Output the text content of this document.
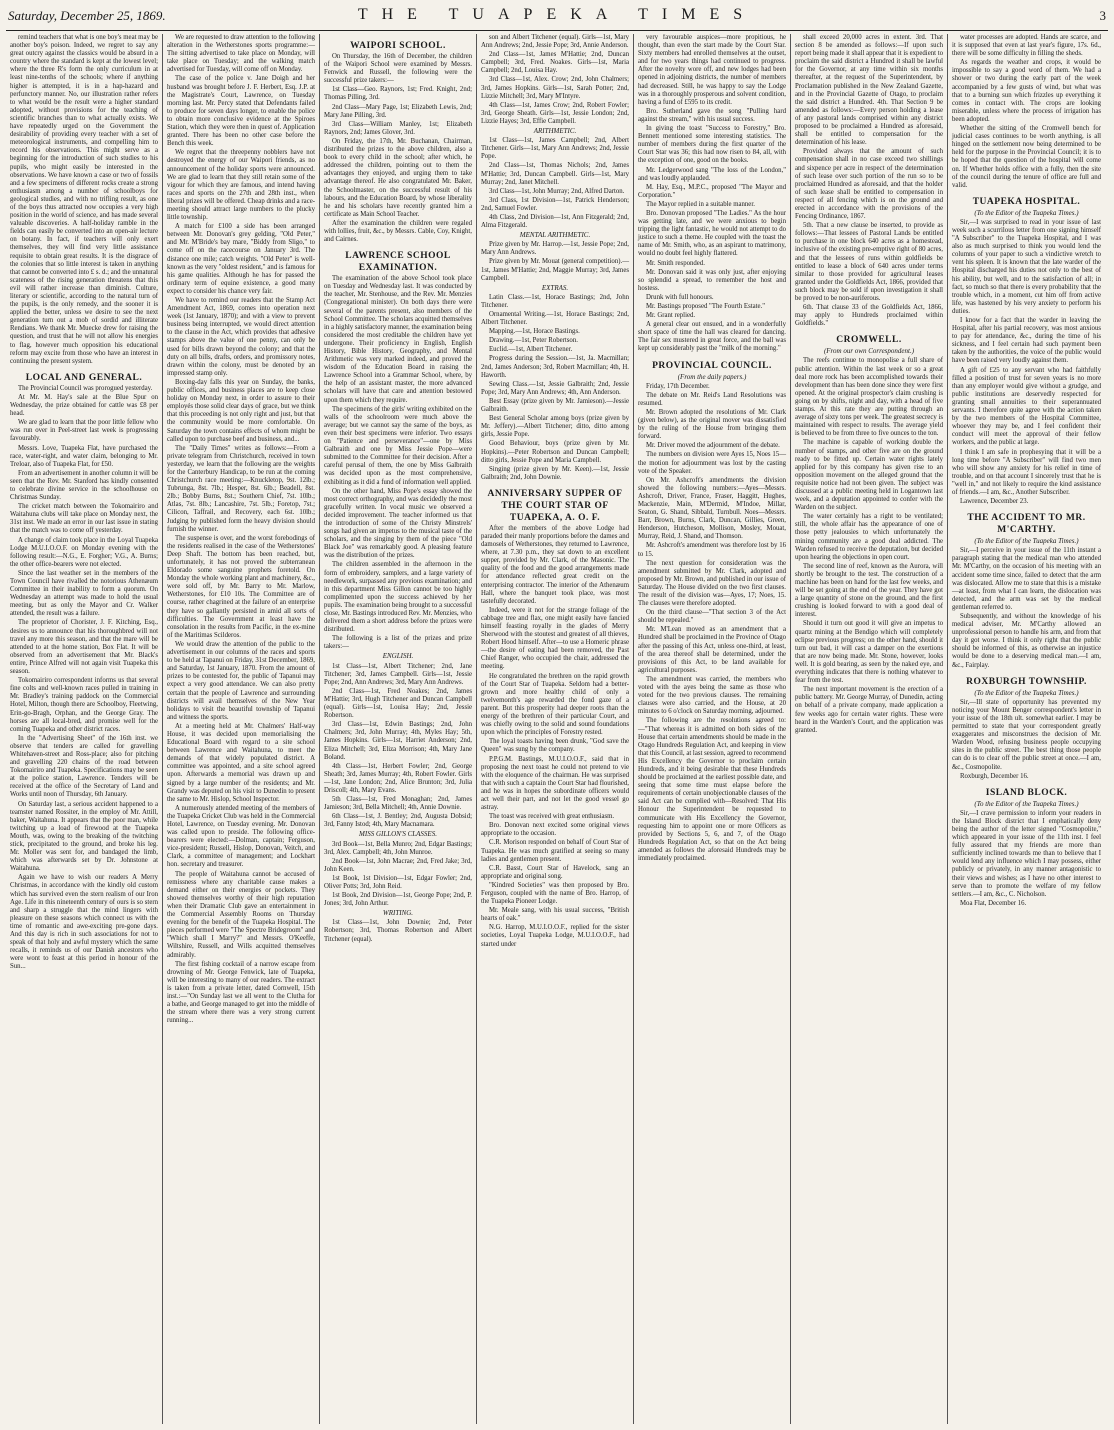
Saturday, December 25, 1869.	THE TUAPEKA TIMES	3

remind teachers that what is one boy's meat may be another boy's poison. Indeed, we regret to say any great outcry against the classics would be absurd in a country where the standard is kept at the lowest level; where the three R's form the only curriculum in at least nine-tenths of the schools; where if anything higher is attempted, it is in a hap-hazard and perfunctory manner. No, our illustration rather refers to what would be the result were a higher standard adopted, without provisions for the teaching of scientific branches than to what actually exists. We have repeatedly urged on the Government the desirability of providing every teacher with a set of meteorological instruments, and compelling him to record his observations. This might serve as a beginning for the introduction of such studies to his pupils, who might easily be interested in the observations. We have known a case or two of fossils and a few specimens of different rocks create a strong enthusiasm among a number of schoolboys for geological studies, and with no trifling result, as one of the boys thus attracted now occupies a very high position in the world of science, and has made several valuable discoveries. A half-holiday ramble in the fields can easily be converted into an open-air lecture on botany. In fact, if teachers will only exert themselves, they will find very little assistance requisite to obtain great results. It is the disgrace of the colonies that so little interest is taken in anything that cannot be converted into £ s. d.; and the unnatural scateness of the rising generation threatens that this evil will rather increase than diminish. Culture, literary or scientific, according to the natural turn of the pupils, is the only remedy, and the sooner it is applied the better, unless we desire to see the next generation turn out a mob of sordid and illiterate Rendians. We thank Mr. Muecke drew for raising the question, and trust that he will not allow his energies to flag, however much opposition his educational reform may excite from those who have an interest in continuing the present system.

LOCAL AND GENERAL.

The Provincial Council was prorogued yesterday.

At Mr. M. Hay's sale at the Blue Spur on Wednesday, the prize obtained for cattle was £8 per head.

We are glad to learn that the poor little fellow who was run over in Peel-street last week is progressing favourably.

Messrs. Love, Tuapeka Flat, have purchased the race, water-right, and water claim, belonging to Mr. Treloar, also of Tuapeka Flat, for £50.

From an advertisement in another column it will be seen that the Rev. Mr. Stanford has kindly consented to celebrate divine service in the schoolhouse on Christmas Sunday.

The cricket match between the Tokomairiro and Waitahuna clubs will take place on Monday next, the 31st inst. We made an error in our last issue in stating that the match was to come off yesterday.

A change of claim took place in the Loyal Tuapeka Lodge M.U.I.O.O.F. on Monday evening with the following result:—N.G., E. Forgher; V.G., A. Burns; the other office-bearers were not elected.

Since the last weather set in the members of the Town Council have rivalled the notorious Athenæum Committee in their inability to form a quorum. On Wednesday an attempt was made to hold the usual meeting, but as only the Mayor and Cr. Walker attended, the result was a failure.

The proprietor of Chorister, J. F. Kitching, Esq., desires us to announce that his thoroughbred will not travel any more this season, and that the mare will be attended to at the home station, Box Flat. It will be observed from an advertisement that Mr. Black's entire, Prince Alfred will not again visit Tuapeka this season.

Tokomairiro correspondent informs us that several fine colts and well-known races pulled in training in Mr. Bradley's training paddock on the Commercial Hotel, Milton, though there are Schoolboy, Fleetwing, Erin-go-Bragh, Orphan, and the George Gray. The horses are all local-bred, and promise well for the coming Tuapeka and other district races.

In the "Advertising Sheet" of the 16th inst. we observe that tenders are called for gravelling Whitehaven-street and Ross-place; also for pitching and gravelling 220 chains of the road between Tokomairiro and Tuapeka. Specifications may be seen at the police station, Lawrence. Tenders will be received at the office of the Secretary of Land and Works until noon of Thursday, 6th January.

On Saturday last, a serious accident happened to a teamster named Rossiter, in the employ of Mr. Attill, baker, Waitahuna. It appears that the poor man, while twitching up a load of firewood at the Tuapeka Mouth, was, owing to the breaking of the twitching stick, precipitated to the ground, and broke his leg. Mr. Moller was sent for, and bandaged the limb, which was afterwards set by Dr. Johnstone at Waitahuna.

Again we have to wish our readers A Merry Christmas, in accordance with the kindly old custom which has survived even the stern realism of our Iron Age. Life in this nineteenth century of ours is so stern and sharp a struggle that the mind lingers with pleasure on these seasons which connect us with the time of romantic and awe-exciting pre-gone days. And this day is rich in such associations for not to speak of that holy and awful mystery which the same recalls, it reminds us of our Danish ancestors who were wont to feast at this period in honour of the Sun...

We are requested to draw attention to the following alteration in the Wetherstones sports programme:—The sitting advertised to take place on Monday, will take place on Tuesday; and the walking match advertised for Tuesday, will come off on Monday.

The case of the police v. Jane Doigh and her husband was brought before J. F. Herbert, Esq. J.P. at the Magistrate's Court, Lawrence, on Tuesday morning last. Mr. Percy stated that Defendants failed to produce for seven days longer, to enable the police to obtain more conclusive evidence at the Spiroes Station, which they were then in quest of. Application granted. There has been no other case before the Bench this week.

We regret that the threepenny nobblers have not destroyed the energy of our Waipori friends, as no announcement of the holiday sports were announced. We are glad to learn that they still retain some of the vigour for which they are famous, and intend having races and sports on the 27th and 28th inst., when liberal prizes will be offered. Cheap drinks and a race-meeting should attract large numbers to the plucky little township.

A match for £100 a side has been arranged between Mr. Donovan's grey gelding, "Old Peter," and Mr. M'Bride's bay mare, "Biddy from Sligo," to come off on the racecourse on January 3rd. The distance one mile; catch weights. "Old Peter" is well-known as the very "oldest resident," and is famous for his game qualities. Although he has for passed the ordinary term of equine existence, a good many expect to consider his chance very fair.

We have to remind our readers that the Stamp Act Amendment Act, 1869, comes into operation next week (1st January, 1870); and with a view to prevent business being interrupted, we would direct attention to the clause in the Act, which provides that adhesive stamps above the value of one penny, can only be used for bills drawn beyond the colony; and that the duty on all bills, drafts, orders, and promissory notes, drawn within the colony, must be denoted by an impressed stamp only.

Boxing-day falls this year on Sunday, the banks, public offices, and business places are to keep close holiday on Monday next, in order to assure to their employés those solid clear days of grace, but we think that this proceeding is not only right and just, but that the community would be more comfortable. On Saturday the town contains effects of whom might be called upon to purchase beef and business, and...

The "Daily Times" writes as follows:—From a private telegram from Christchurch, received in town yesterday, we learn that the following are the weights for the Canterbury Handicap, to be run at the coming Christchurch race meeting:—Knuckletop, 9st. 12lb.; Tubrunga, 8st. 7lb.; Hesper, 8st. 6lb.; Beadell, 8st. 2lb.; Bobby Burns, 8st.; Southern Chief, 7st. 10lb.; Atlas, 7st. 8lb.; Lancashire, 7st. 5lb.; Foretop, 7st.; Cilicon, Taffrail, and Recovery, each 6st. 10lb.; Judging by published form the heavy division should furnish the winner.

The suspense is over, and the worst forebodings of the residents realised in the case of the Wetherstones' Deep Shaft. The bottom has been reached, but, unfortunately, it has not proved the subterranean Eldorado some sanguine prophets foretold. On Monday the whole working plant and machinery, &c., were sold off, by Mr. Barry to Mr. Marlow, Wetherstones, for £10 10s. The Committee are of course, rather chagrined at the failure of an enterprise they have so gallantly persisted in amid all sorts of difficulties. The Government at least have the consolation in the results from Pacific, in the ex-mine of the Maritimas Scilderos.

We would draw the attention of the public to the advertisement in our columns of the races and sports to be held at Tapanui on Friday, 31st December, 1869, and Saturday, 1st January, 1870. From the amount of prizes to be contested for, the public of Tapanui may expect a very good attendance. We can also pretty certain that the people of Lawrence and surrounding districts will avail themselves of the New Year holidays to visit the beautiful township of Tapanui and witness the sports.

At a meeting held at Mr. Chalmers' Half-way House, it was decided upon memorialising the Educational Board with regard to a site school between Lawrence and Waitahuna, to meet the demands of that widely populated district. A committee was appointed, and a site school agreed upon. Afterwards a memorial was drawn up and signed by a large number of the residents; and Mr. Grandy was deputed on his visit to Dunedin to present the same to Mr. Hislop, School Inspector.

A numerously attended meeting of the members of the Tuapeka Cricket Club was held in the Commercial Hotel, Lawrence, on Tuesday evening. Mr. Donovan was called upon to preside. The following office-bearers were elected:—Dolman, captain; Ferguson, vice-president; Russell, Hislop, Donovan, Veitch, and Clark, a committee of management; and Lockhart hon. secretary and treasurer.

The people of Waitahuna cannot be accused of remissness where any charitable cause makes a demand either on their energies or pockets. They showed themselves worthy of their high reputation when their Dramatic Club gave an entertainment in the Commercial Assembly Rooms on Thursday evening for the benefit of the Tuapeka Hospital. The pieces performed were "The Spectre Bridegroom" and "Which shall I Marry?" and Messrs. O'Keeffe, Wiltshire, Russell, and Wills acquitted themselves admirably.

The first fishing cocktail of a narrow escape from drowning of Mr. George Fenwick, late of Tuapeka, will be interesting to many of our readers. The extract is taken from a private letter, dated Cornwell, 15th inst.:—"On Sunday last we all went to the Clutha for a bathe, and George managed to get into the middle of the stream where there was a very strong current running...

WAIPORI SCHOOL.

On Thursday, the 16th of December, the children of the Waipori School were examined by Messrs. Fenwick and Russell, the following were the successful prize takers:—

1st Class—Geo. Raynors, 1st; Fred. Knight, 2nd; Thomas Pilling, 3rd.

2nd Class—Mary Page, 1st; Elizabeth Lewis, 2nd; Mary Jane Pilling, 3rd.

3rd Class—William Manley, 1st; Elizabeth Raynors, 2nd; James Glover, 3rd.

On Friday, the 17th, Mr. Buchanan, Chairman, distributed the prizes to the above children, also a book to every child in the school; after which, he addressed the children, pointing out to them the advantages they enjoyed, and urging them to take advantage thereof. He also congratulated Mr. Baker, the Schoolmaster, on the successful result of his labours, and the Education Board, by whose liberality he and his scholars have recently granted him a certificate as Main School Teacher.

After the examination the children were regaled with lollies, fruit, &c., by Messrs. Cable, Coy, Knight, and Cairnes.

LAWRENCE SCHOOL EXAMINATION.

The examination of the above School took place on Tuesday and Wednesday last. It was conducted by the teacher, Mr. Stenhouse, and the Rev. Mr. Menzies (Congregational minister). On both days there were several of the parents present, also members of the School Committee. The scholars acquitted themselves in a highly satisfactory manner, the examination being considered the most creditable the children have yet undergone. Their proficiency in English, English History, Bible History, Geography, and Mental Arithmetic was very marked indeed, and proved the wisdom of the Education Board in raising the Lawrence School into a Grammar School, where, by the help of an assistant master, the more advanced scholars will have that care and attention bestowed upon them which they require.

The specimens of the girls' writing exhibited on the walls of the schoolroom were much above the average; but we cannot say the same of the boys, as even their best specimens were inferior. Two essays on "Patience and perseverance"—one by Miss Galbraith and one by Miss Jessie Pope—were submitted to the Committee for their decision. After a careful perusal of them, the one by Miss Galbraith was decided upon as the most comprehensive, exhibiting as it did a fund of information well applied.

On the other hand, Miss Pope's essay showed the most correct orthography, and was decidedly the most gracefully written. In vocal music we observed a decided improvement. The teacher informed us that the introduction of some of the Christy Minstrels' songs had given an impetus to the musical taste of the scholars, and the singing by them of the piece "Old Black Joe" was remarkably good. A pleasing feature was the distribution of the prizes.

The children assembled in the afternoon in the form of embroidery, samplers, and a large variety of needlework, surpassed any previous examination; and in this department Miss Gillon cannot be too highly complimented upon the success achieved by her pupils. The examination being brought to a successful close, Mr. Bastings introduced Rev. Mr. Menzies, who delivered them a short address before the prizes were distributed.

The following is a list of the prizes and prize takers:—

ENGLISH.

1st Class—1st, Albert Titchener; 2nd, Jane Titchener; 3rd, James Campbell. Girls—1st, Jessie Pope; 2nd, Ann Andrews; 3rd, Mary Ann Andrews.

2nd Class—1st, Fred Noakes; 2nd, James M'Hattie; 3rd, Hugh Titchener and Duncan Campbell (equal). Girls—1st, Louisa Hay; 2nd, Jessie Robertson.

3rd Class—1st, Edwin Bastings; 2nd, John Chalmers; 3rd, John Murray; 4th, Myles Hay; 5th, James Hopkins. Girls—1st, Harriet Anderson; 2nd, Eliza Mitchell; 3rd, Eliza Morrison; 4th, Mary Jane Boland.

4th Class—1st, Herbert Fowler; 2nd, George Sheath; 3rd, James Murray; 4th, Robert Fowler. Girls—1st, Jane London; 2nd, Alice Brunton; 3rd, Julia Driscoll; 4th, Mary Evans.

5th Class—1st, Fred Monaghan; 2nd, James Jamieson; 3rd, Bella Mitchell; 4th, Annie Downie.

6th Class—1st, J. Bentley; 2nd, Augusta Dobsid; 3rd, Fanny Istod; 4th, Mary Macnamara.

MISS GILLON'S CLASSES.

3rd Book—1st, Bella Munro; 2nd, Edgar Bastings; 3rd, Alex. Campbell; 4th, John Munroe.

2nd Book—1st, John Macrae; 2nd, Fred Jake; 3rd, John Keen.

1st Book, 1st Division—1st, Edgar Fowler; 2nd, Oliver Potts; 3rd, John Reid.

1st Book, 2nd Division—1st, George Pope; 2nd, P. Jones; 3rd, John Arthur.

WRITING.

1st Class—1st, John Downie; 2nd, Peter Robertson; 3rd, Thomas Robertson and Albert Titchener (equal).

son and Albert Titchener (equal). Girls—1st, Mary Ann Andrews; 2nd, Jessie Pope; 3rd, Annie Anderson.

2nd Class—1st, James M'Hattie; 2nd, Duncan Campbell; 3rd, Fred. Noakes. Girls—1st, Maria Campbell; 2nd, Louisa Hay.

3rd Class—1st, Alex. Crow; 2nd, John Chalmers; 3rd, James Hopkins. Girls—1st, Sarah Potter; 2nd, Lizzie Mitchell; 3rd, Mary M'Intyre.

4th Class—1st, James Crow; 2nd, Robert Fowler; 3rd, George Sheath. Girls—1st, Jessie London; 2nd, Lizzie Hayes; 3rd, Effie Campbell.

ARITHMETIC.

1st Class—1st, James Campbell; 2nd, Albert Titchener. Girls—1st, Mary Ann Andrews; 2nd, Jessie Pope.

2nd Class—1st, Thomas Nichols; 2nd, James M'Hattie; 3rd, Duncan Campbell. Girls—1st, Mary Murray; 2nd, Janet Mitchell.

3rd Class—1st, John Murray; 2nd, Alfred Darton.

3rd Class, 1st Division—1st, Patrick Henderson; 2nd, Samuel Fowler.

4th Class, 2nd Division—1st, Ann Fitzgerald; 2nd, Alma Fitzgerald.

MENTAL ARITHMETIC.

Prize given by Mr. Harrop.—1st, Jessie Pope; 2nd, Mary Ann Andrews.

Prize given by Mr. Mouat (general competition).—1st, James M'Hattie; 2nd, Maggie Murray; 3rd, James Campbell.

EXTRAS.

Latin Class.—1st, Horace Bastings; 2nd, John Titchener.

Ornamental Writing.—1st, Horace Bastings; 2nd, Albert Titchener.

Mapping.—1st, Horace Bastings.

Drawing.—1st, Peter Robertson.

Euclid.—1st, Albert Titchener.

Progress during the Session.—1st, Ja. Macmillan; 2nd, James Anderson; 3rd, Robert Macmillan; 4th, H. Haworth.

Sewing Class.—1st, Jessie Galbraith; 2nd, Jessie Pope; 3rd, Mary Ann Andrews; 4th, Ann Anderson.

Best Essay (prize given by Mr. Jamieson).—Jessie Galbraith.

Best General Scholar among boys (prize given by Mr. Jeffery).—Albert Titchener; ditto, ditto among girls, Jessie Pope.

Good Behaviour, boys (prize given by Mr. Hopkins).—Peter Robertson and Duncan Campbell; ditto girls, Jessie Pope and Maria Campbell.

Singing (prize given by Mr. Keen).—1st, Jessie Galbraith; 2nd, John Downie.

ANNIVERSARY SUPPER OF THE COURT STAR OF TUAPEKA, A. O. F.

After the members of the above Lodge had paraded their manly proportions before the dames and damosels of Wetherstones, they returned to Lawrence, where, at 7.30 p.m., they sat down to an excellent supper, provided by Mr. Clark, of the Masonic. The quality of the food and the good arrangements made for attendance reflected great credit on the enterprising contractor. The interior of the Athenæum Hall, where the banquet took place, was most tastefully decorated.

Indeed, were it not for the strange foliage of the cabbage tree and flax, one might easily have fancied himself feasting royally in the glades of Merry Sherwood with the stoutest and greatest of all thieves, Robert Hood himself. After—to use a Homeric phrase—the desire of eating had been removed, the Past Chief Ranger, who occupied the chair, addressed the meeting.

He congratulated the brethren on the rapid growth of the Court Star of Tuapeka. Seldom had a better-grown and more healthy child of only a twelvemonth's age rewarded the fond gaze of a parent. But this prosperity had deeper roots than the energy of the brethren of their particular Court, and was chiefly owing to the solid and sound foundations upon which the principles of Forestry rested.

The loyal toasts having been drunk, "God save the Queen" was sung by the company.

P.P.G.M. Bastings, M.U.I.O.O.F., said that in proposing the next toast he could not pretend to vie with the eloquence of the chairman. He was surprised that with such a captain the Court Star had flourished, and he was in hopes the subordinate officers would act well their part, and not let the good vessel go astray.

The toast was received with great enthusiasm.

Bro. Donovan next excited some original views appropriate to the occasion.

C.R. Morison responded on behalf of Court Star of Tuapeka. He was much gratified at seeing so many ladies and gentlemen present.

C.R. Basst, Court Star of Havelock, sang an appropriate and original song.

"Kindred Societies" was then proposed by Bro. Ferguson, coupled with the name of Bro. Harrop, of the Tuapeka Pioneer Lodge.

Mr. Meale sang, with his usual success, "British hearts of oak."

N.G. Harrop, M.U.I.O.O.F., replied for the sister societies, Loyal Tuapeka Lodge, M.U.I.O.O.F., had started under

very favourable auspices—more propitious, he thought, than even the start made by the Court Star. Sixty members had enrolled themselves at the outset, and for two years things had continued to progress. After the novelty wore off, and new lodges had been opened in adjoining districts, the number of members had decreased. Still, he was happy to say the Lodge was in a thoroughly prosperous and solvent condition, having a fund of £595 to its credit.

Bro. Sutherland gave the song "Pulling hard against the stream," with his usual success.

In giving the toast "Success to Forestry," Bro. Bennett mentioned some interesting statistics. The number of members during the first quarter of the Court Star was 36; this had now risen to 84, all, with the exception of one, good on the books.

Mr. Ledgerwood sang "The loss of the London," and was loudly applauded.

M. Hay, Esq., M.P.C., proposed "The Mayor and Corporation."

The Mayor replied in a suitable manner.

Bro. Donovan proposed "The Ladies." As the hour was getting late, and we were anxious to begin tripping the light fantastic, he would not attempt to do justice to such a theme. He coupled with the toast the name of Mr. Smith, who, as an aspirant to matrimony, would no doubt feel highly flattered.

Mr. Smith responded.

Mr. Donovan said it was only just, after enjoying so splendid a spread, to remember the host and hostess.

Drunk with full honours.

Mr. Bastings proposed "The Fourth Estate."

Mr. Grant replied.

A general clear out ensued, and in a wonderfully short space of time the hall was cleared for dancing. The fair sex mustered in great force, and the ball was kept up considerably past the "milk of the morning."

PROVINCIAL COUNCIL.

(From the daily papers.)

Friday, 17th December.

The debate on Mr. Reid's Land Resolutions was resumed.

Mr. Brown adopted the resolutions of Mr. Clark (given below), as the original mover was dissatisfied by the ruling of the House from bringing them forward.

Mr. Driver moved the adjournment of the debate.

The numbers on division were Ayes 15, Noes 15—the motion for adjournment was lost by the casting vote of the Speaker.

On Mr. Ashcroft's amendments the division showed the following numbers:—Ayes—Messrs. Ashcroft, Driver, France, Fraser, Haggitt, Hughes, Mackenzie, Main, M'Dermid, M'Indoe, Millar, Seaton, G. Shand, Sibbald, Turnbull. Noes—Messrs. Barr, Brown, Burns, Clark, Duncan, Gillies, Green, Henderson, Hutcheson, Mollison, Mosley, Mouat, Murray, Reid, J. Shand, and Thomson.

Mr. Ashcroft's amendment was therefore lost by 16 to 15.

The next question for consideration was the amendment submitted by Mr. Clark, adopted and proposed by Mr. Brown, and published in our issue of Saturday. The House divided on the two first clauses. The result of the division was—Ayes, 17; Noes, 15. The clauses were therefore adopted.

On the third clause—"That section 3 of the Act should be repealed."

Mr. M'Lean moved as an amendment that a Hundred shall be proclaimed in the Province of Otago after the passing of this Act, unless one-third, at least, of the area thereof shall be determined, under the provisions of this Act, to be land available for agricultural purposes.

The amendment was carried, the members who voted with the ayes being the same as those who voted for the two previous clauses. The remaining clauses were also carried, and the House, at 20 minutes to 6 o'clock on Saturday morning, adjourned.

The following are the resolutions agreed to:—"That whereas it is admitted on both sides of the House that certain amendments should be made in the Otago Hundreds Regulation Act, and keeping in view that this Council, at last session, agreed to recommend His Excellency the Governor to proclaim certain Hundreds, and it being desirable that these Hundreds should be proclaimed at the earliest possible date, and seeing that some time must elapse before the requirements of certain unobjectionable clauses of the said Act can be complied with—Resolved: That His Honour the Superintendent be requested to communicate with His Excellency the Governor, requesting him to appoint one or more Officers as provided by Sections 5, 6, and 7, of the Otago Hundreds Regulation Act, so that on the Act being amended as follows the aforesaid Hundreds may be immediately proclaimed.

shall exceed 20,000 acres in extent. 3rd. That section 8 be amended as follows:—If upon such report being made it shall appear that it is expedient to proclaim the said district a Hundred it shall be lawful for the Governor, at any time within six months thereafter, at the request of the Superintendent, by Proclamation published in the New Zealand Gazette, and in the Provincial Gazette of Otago, to proclaim the said district a Hundred. 4th. That Section 9 be amended as follows:—Every person holding a lease of any pastoral lands comprised within any district proposed to be proclaimed a Hundred as aforesaid, shall be entitled to compensation for the determination of his lease.

Provided always that the amount of such compensation shall in no case exceed two shillings and sixpence per acre in respect of the determination of such lease over such portion of the run so to be proclaimed Hundred as aforesaid, and that the holder of such lease shall be entitled to compensation in respect of all fencing which is on the ground and erected in accordance with the provisions of the Fencing Ordinance, 1867.

5th. That a new clause be inserted, to provide as follows:—That lessees of Pastoral Lands be entitled to purchase in one block 640 acres as a homestead, inclusive of the existing pre-emptive right of 80 acres, and that the lessees of runs within goldfields be entitled to lease a block of 640 acres under terms similar to those provided for agricultural leases granted under the Goldfields Act, 1866, provided that such block may be sold if upon investigation it shall be proved to be non-auriferous.

6th. That clause 33 of the Goldfields Act, 1866, may apply to Hundreds proclaimed within Goldfields."

CROMWELL.

(From our own Correspondent.)

The reefs continue to monopolise a full share of public attention. Within the last week or so a great deal more rock has been accomplished towards their development than has been done since they were first opened. At the original prospector's claim crushing is going on by shifts, night and day, with a head of five stamps. At this rate they are putting through an average of sixty tons per week. The greatest secrecy is maintained with respect to results. The average yield is believed to be from three to five ounces to the ton.

The machine is capable of working double the number of stamps, and other five are on the ground ready to be fitted up. Certain water rights lately applied for by this company has given rise to an opposition movement on the alleged ground that the requisite notice had not been given. The subject was discussed at a public meeting held in Logantown last week, and a deputation appointed to confer with the Warden on the subject.

The water certainly has a right to be ventilated; still, the whole affair has the appearance of one of those petty jealousies to which unfortunately the mining community are a good deal addicted. The Warden refused to receive the deputation, but decided upon hearing the objections in open court.

The second line of reef, known as the Aurora, will shortly be brought to the test. The construction of a machine has been on hand for the last few weeks, and will be set going at the end of the year. They have got a large quantity of stone on the ground, and the first crushing is looked forward to with a good deal of interest.

Should it turn out good it will give an impetus to quartz mining at the Bendigo which will completely eclipse previous progress; on the other hand, should it turn out bad, it will cast a damper on the exertions that are now being made. Mr. Stone, however, looks well. It is gold bearing, as seen by the naked eye, and everything indicates that there is nothing whatever to fear from the test.

The next important movement is the erection of a public battery. Mr. George Murray, of Dunedin, acting on behalf of a private company, made application a few weeks ago for certain water rights. These were heard in the Warden's Court, and the application was granted.

water processes are adopted. Hands are scarce, and it is supposed that even at last year's figure, 17s. 6d., there will be some difficulty in filling the sheds.

As regards the weather and crops, it would be impossible to say a good word of them. We had a shower or two during the early part of the week accompanied by a few gusts of wind, but what was that to a burning sun which frizzles up everything it comes in contact with. The crops are looking miserable, unless where the process of irrigation has been adopted.

Whether the sitting of the Cromwell bench for judicial cases continues to be worth anything, is all hinged on the settlement now being determined to be held for the purpose in the Provincial Council; it is to be hoped that the question of the hospital will come on. If Whether holds office with a fully, then the site of the council during the tenure of office are full and valid.

TUAPEKA HOSPITAL.

(To the Editor of the Tuapeka Times.)

Sir,—I was surprised to read in your issue of last week such a scurrilous letter from one signing himself "A Subscriber" to the Tuapeka Hospital, and I was also as much surprised to think you would lend the columns of your paper to such a vindictive wretch to vent his spleen. It is known that the late warder of the Hospital discharged his duties not only to the best of his ability, but well, and to the satisfaction of all; in fact, so much so that there is every probability that the trouble which, in a moment, cut him off from active life, was hastened by his very anxiety to perform his duties.

I know for a fact that the warder in leaving the Hospital, after his partial recovery, was most anxious to pay for attendance, &c., during the time of his sickness, and I feel certain had such payment been taken by the authorities, the voice of the public would have been raised very loudly against them.

A gift of £25 to any servant who had faithfully filled a position of trust for seven years is no more than any employer would give without a grudge, and public institutions are deservedly respected for granting small annuities to their superannuated servants. I therefore quite agree with the action taken by the two members of the Hospital Committee, whoever they may be, and I feel confident their conduct will meet the approval of their fellow workers, and the public at large.

I think I am safe in prophesying that it will be a long time before "A Subscriber" will find two men who will show any anxiety for his relief in time of trouble, and on that account I sincerely trust that he is "well in," and not likely to require the kind assistance of friends.—I am, &c., Another Subscriber.

Lawrence, December 23.

THE ACCIDENT TO MR. M'CARTHY.

(To the Editor of the Tuapeka Times.)

Sir,—I perceive in your issue of the 11th instant a paragraph stating that the medical man who attended Mr. M'Carthy, on the occasion of his meeting with an accident some time since, failed to detect that the arm was dislocated. Allow me to state that this is a mistake—at least, from what I can learn, the dislocation was detected, and the arm was set by the medical gentleman referred to.

Subsequently, and without the knowledge of his medical adviser, Mr. M'Carthy allowed an unprofessional person to handle his arm, and from that day it got worse. I think it only right that the public should be informed of this, as otherwise an injustice would be done to a deserving medical man.—I am, &c., Fairplay.

ROXBURGH TOWNSHIP.

(To the Editor of the Tuapeka Times.)

Sir,—Ill state of opportunity has prevented my noticing your Mount Benger correspondent's letter in your issue of the 18th ult. somewhat earlier. I may be permitted to state that your correspondent greatly exaggerates and misconstrues the decision of Mr. Warden Wood, refusing business people occupying sites in the public street. The best thing those people can do is to clear off the public street at once.—I am, &c., Cosmopolite.

Roxburgh, December 16.

ISLAND BLOCK.

(To the Editor of the Tuapeka Times.)

Sir,—I crave permission to inform your readers in the Island Block district that I emphatically deny being the author of the letter signed "Cosmopolite," which appeared in your issue of the 11th inst. I feel fully assured that my friends are more than sufficiently inclined towards me than to believe that I would lend any influence which I may possess, either publicly or privately, in any manner antagonistic to their views and wishes; as I have no other interest to serve than to promote the welfare of my fellow settlers.—I am, &c., C. Nicholson.

Moa Flat, December 16.
